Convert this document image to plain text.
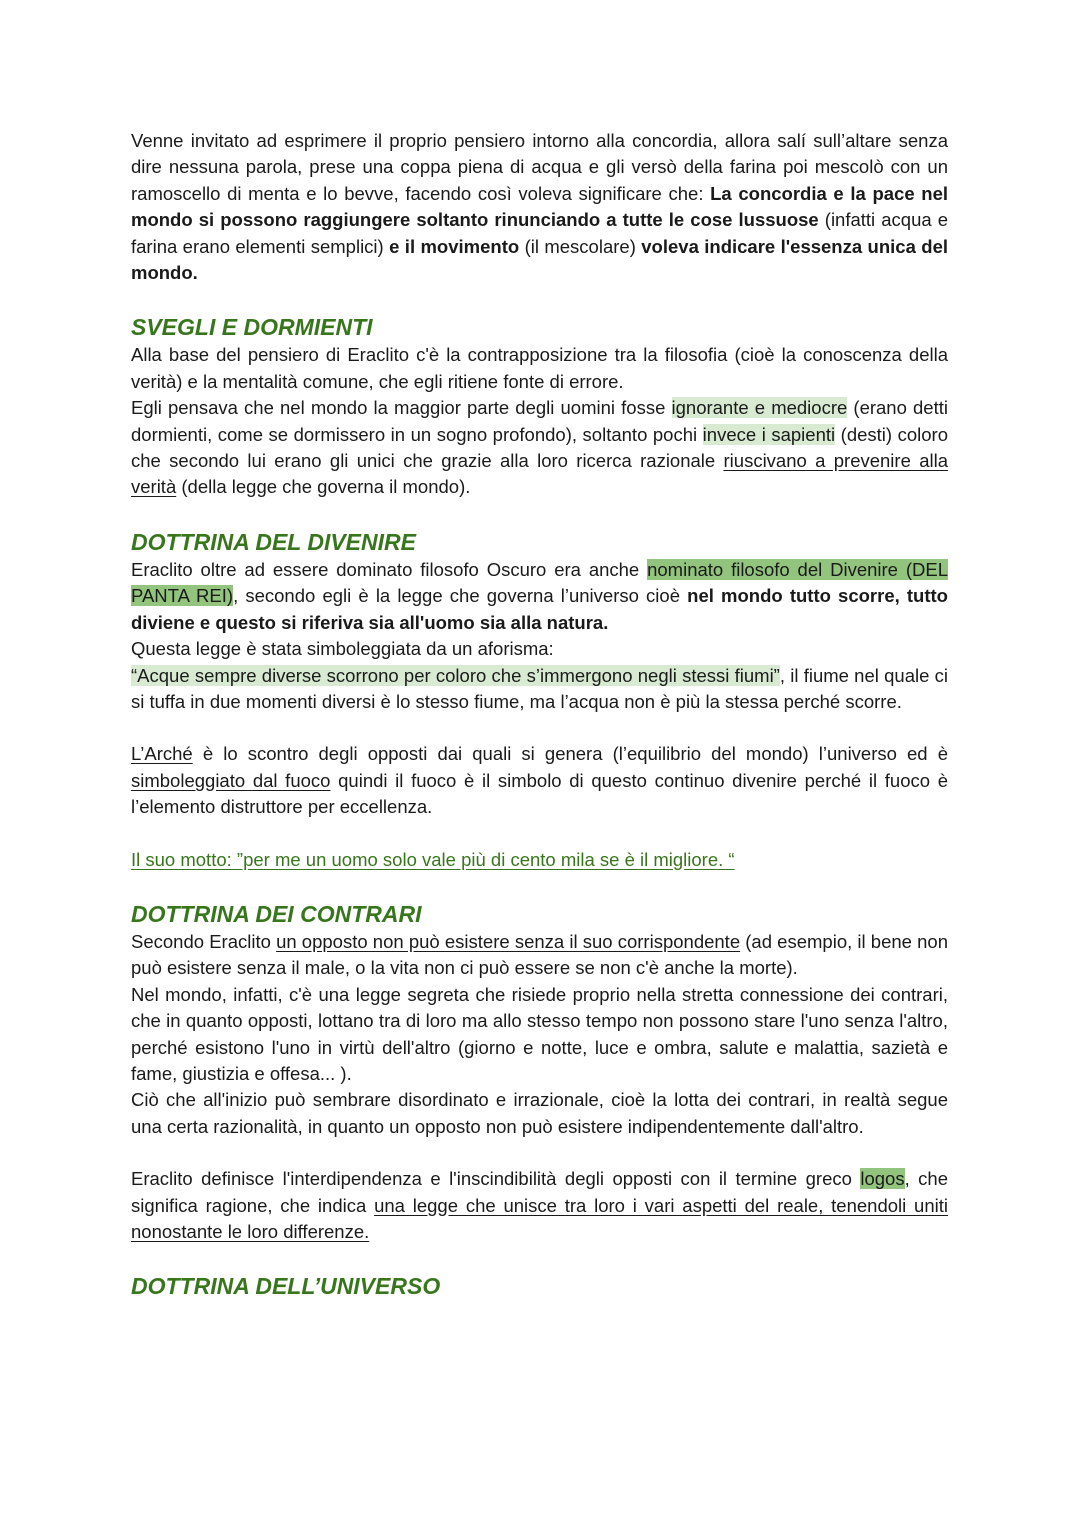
Venne invitato ad esprimere il proprio pensiero intorno alla concordia, allora salí sull’altare senza dire nessuna parola, prese una coppa piena di acqua e gli versò della farina poi mescolò con un ramoscello di menta e lo bevve, facendo così voleva significare che: La concordia e la pace nel mondo si possono raggiungere soltanto rinunciando a tutte le cose lussuose (infatti acqua e farina erano elementi semplici) e il movimento (il mescolare) voleva indicare l'essenza unica del mondo.

SVEGLI E DORMIENTI

Alla base del pensiero di Eraclito c'è la contrapposizione tra la filosofia (cioè la conoscenza della verità) e la mentalità comune, che egli ritiene fonte di errore.

Egli pensava che nel mondo la maggior parte degli uomini fosse ignorante e mediocre (erano detti dormienti, come se dormissero in un sogno profondo), soltanto pochi invece i sapienti (desti) coloro che secondo lui erano gli unici che grazie alla loro ricerca razionale riuscivano a prevenire alla verità (della legge che governa il mondo).

DOTTRINA DEL DIVENIRE

Eraclito oltre ad essere dominato filosofo Oscuro era anche nominato filosofo del Divenire (DEL PANTA REI), secondo egli è la legge che governa l’universo cioè nel mondo tutto scorre, tutto diviene e questo si riferiva sia all'uomo sia alla natura.

Questa legge è stata simboleggiata da un aforisma:

“Acque sempre diverse scorrono per coloro che s’immergono negli stessi fiumi”, il fiume nel quale ci si tuffa in due momenti diversi è lo stesso fiume, ma l’acqua non è più la stessa perché scorre.

L’Arché è lo scontro degli opposti dai quali si genera (l’equilibrio del mondo) l’universo ed è simboleggiato dal fuoco quindi il fuoco è il simbolo di questo continuo divenire perché il fuoco è l’elemento distruttore per eccellenza.

Il suo motto: ”per me un uomo solo vale più di cento mila se è il migliore. “

DOTTRINA DEI CONTRARI

Secondo Eraclito un opposto non può esistere senza il suo corrispondente (ad esempio, il bene non può esistere senza il male, o la vita non ci può essere se non c'è anche la morte).

Nel mondo, infatti, c'è una legge segreta che risiede proprio nella stretta connessione dei contrari, che in quanto opposti, lottano tra di loro ma allo stesso tempo non possono stare l'uno senza l'altro, perché esistono l'uno in virtù dell'altro (giorno e notte, luce e ombra, salute e malattia, sazietà e fame, giustizia e offesa... ).

Ciò che all'inizio può sembrare disordinato e irrazionale, cioè la lotta dei contrari, in realtà segue una certa razionalità, in quanto un opposto non può esistere indipendentemente dall'altro.

Eraclito definisce l'interdipendenza e l'inscindibilità degli opposti con il termine greco logos, che significa ragione, che indica una legge che unisce tra loro i vari aspetti del reale, tenendoli uniti nonostante le loro differenze.

DOTTRINA DELL’UNIVERSO
